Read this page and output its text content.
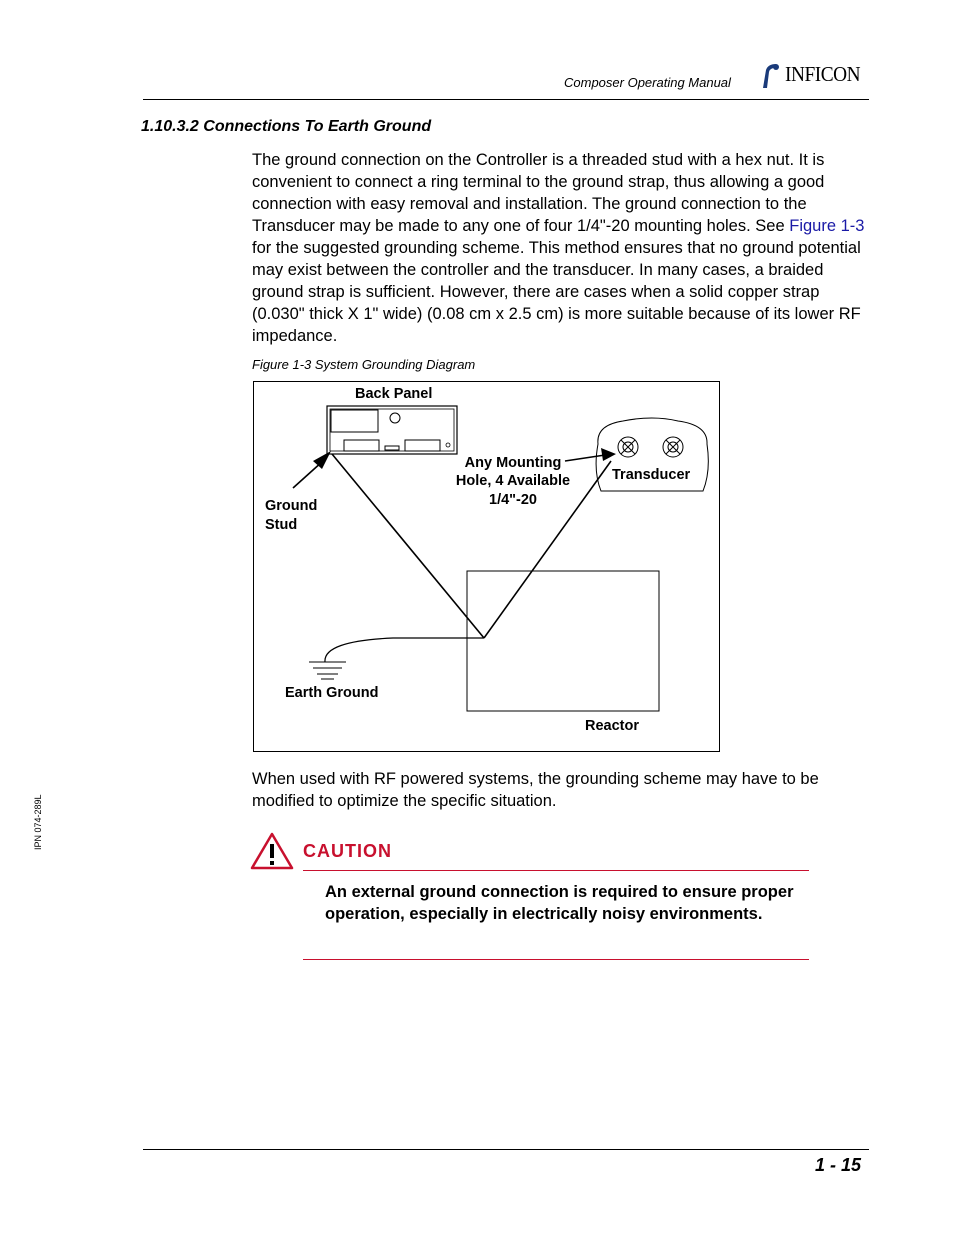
Composer Operating Manual	INFICON
1.10.3.2 Connections To Earth Ground
The ground connection on the Controller is a threaded stud with a hex nut. It is convenient to connect a ring terminal to the ground strap, thus allowing a good connection with easy removal and installation. The ground connection to the Transducer may be made to any one of four 1/4"-20 mounting holes. See Figure 1-3 for the suggested grounding scheme. This method ensures that no ground potential may exist between the controller and the transducer. In many cases, a braided ground strap is sufficient. However, there are cases when a solid copper strap (0.030" thick X 1" wide) (0.08 cm x 2.5 cm) is more suitable because of its lower RF impedance.
Figure 1-3 System Grounding Diagram
Back Panel
Transducer
Reactor
Earth Ground
Ground
Stud
Any Mounting
Hole, 4 Available
1/4"-20
When used with RF powered systems, the grounding scheme may have to be modified to optimize the specific situation.
IPN 074-289L
CAUTION
An external ground connection is required to ensure proper operation, especially in electrically noisy environments.
1 - 15
